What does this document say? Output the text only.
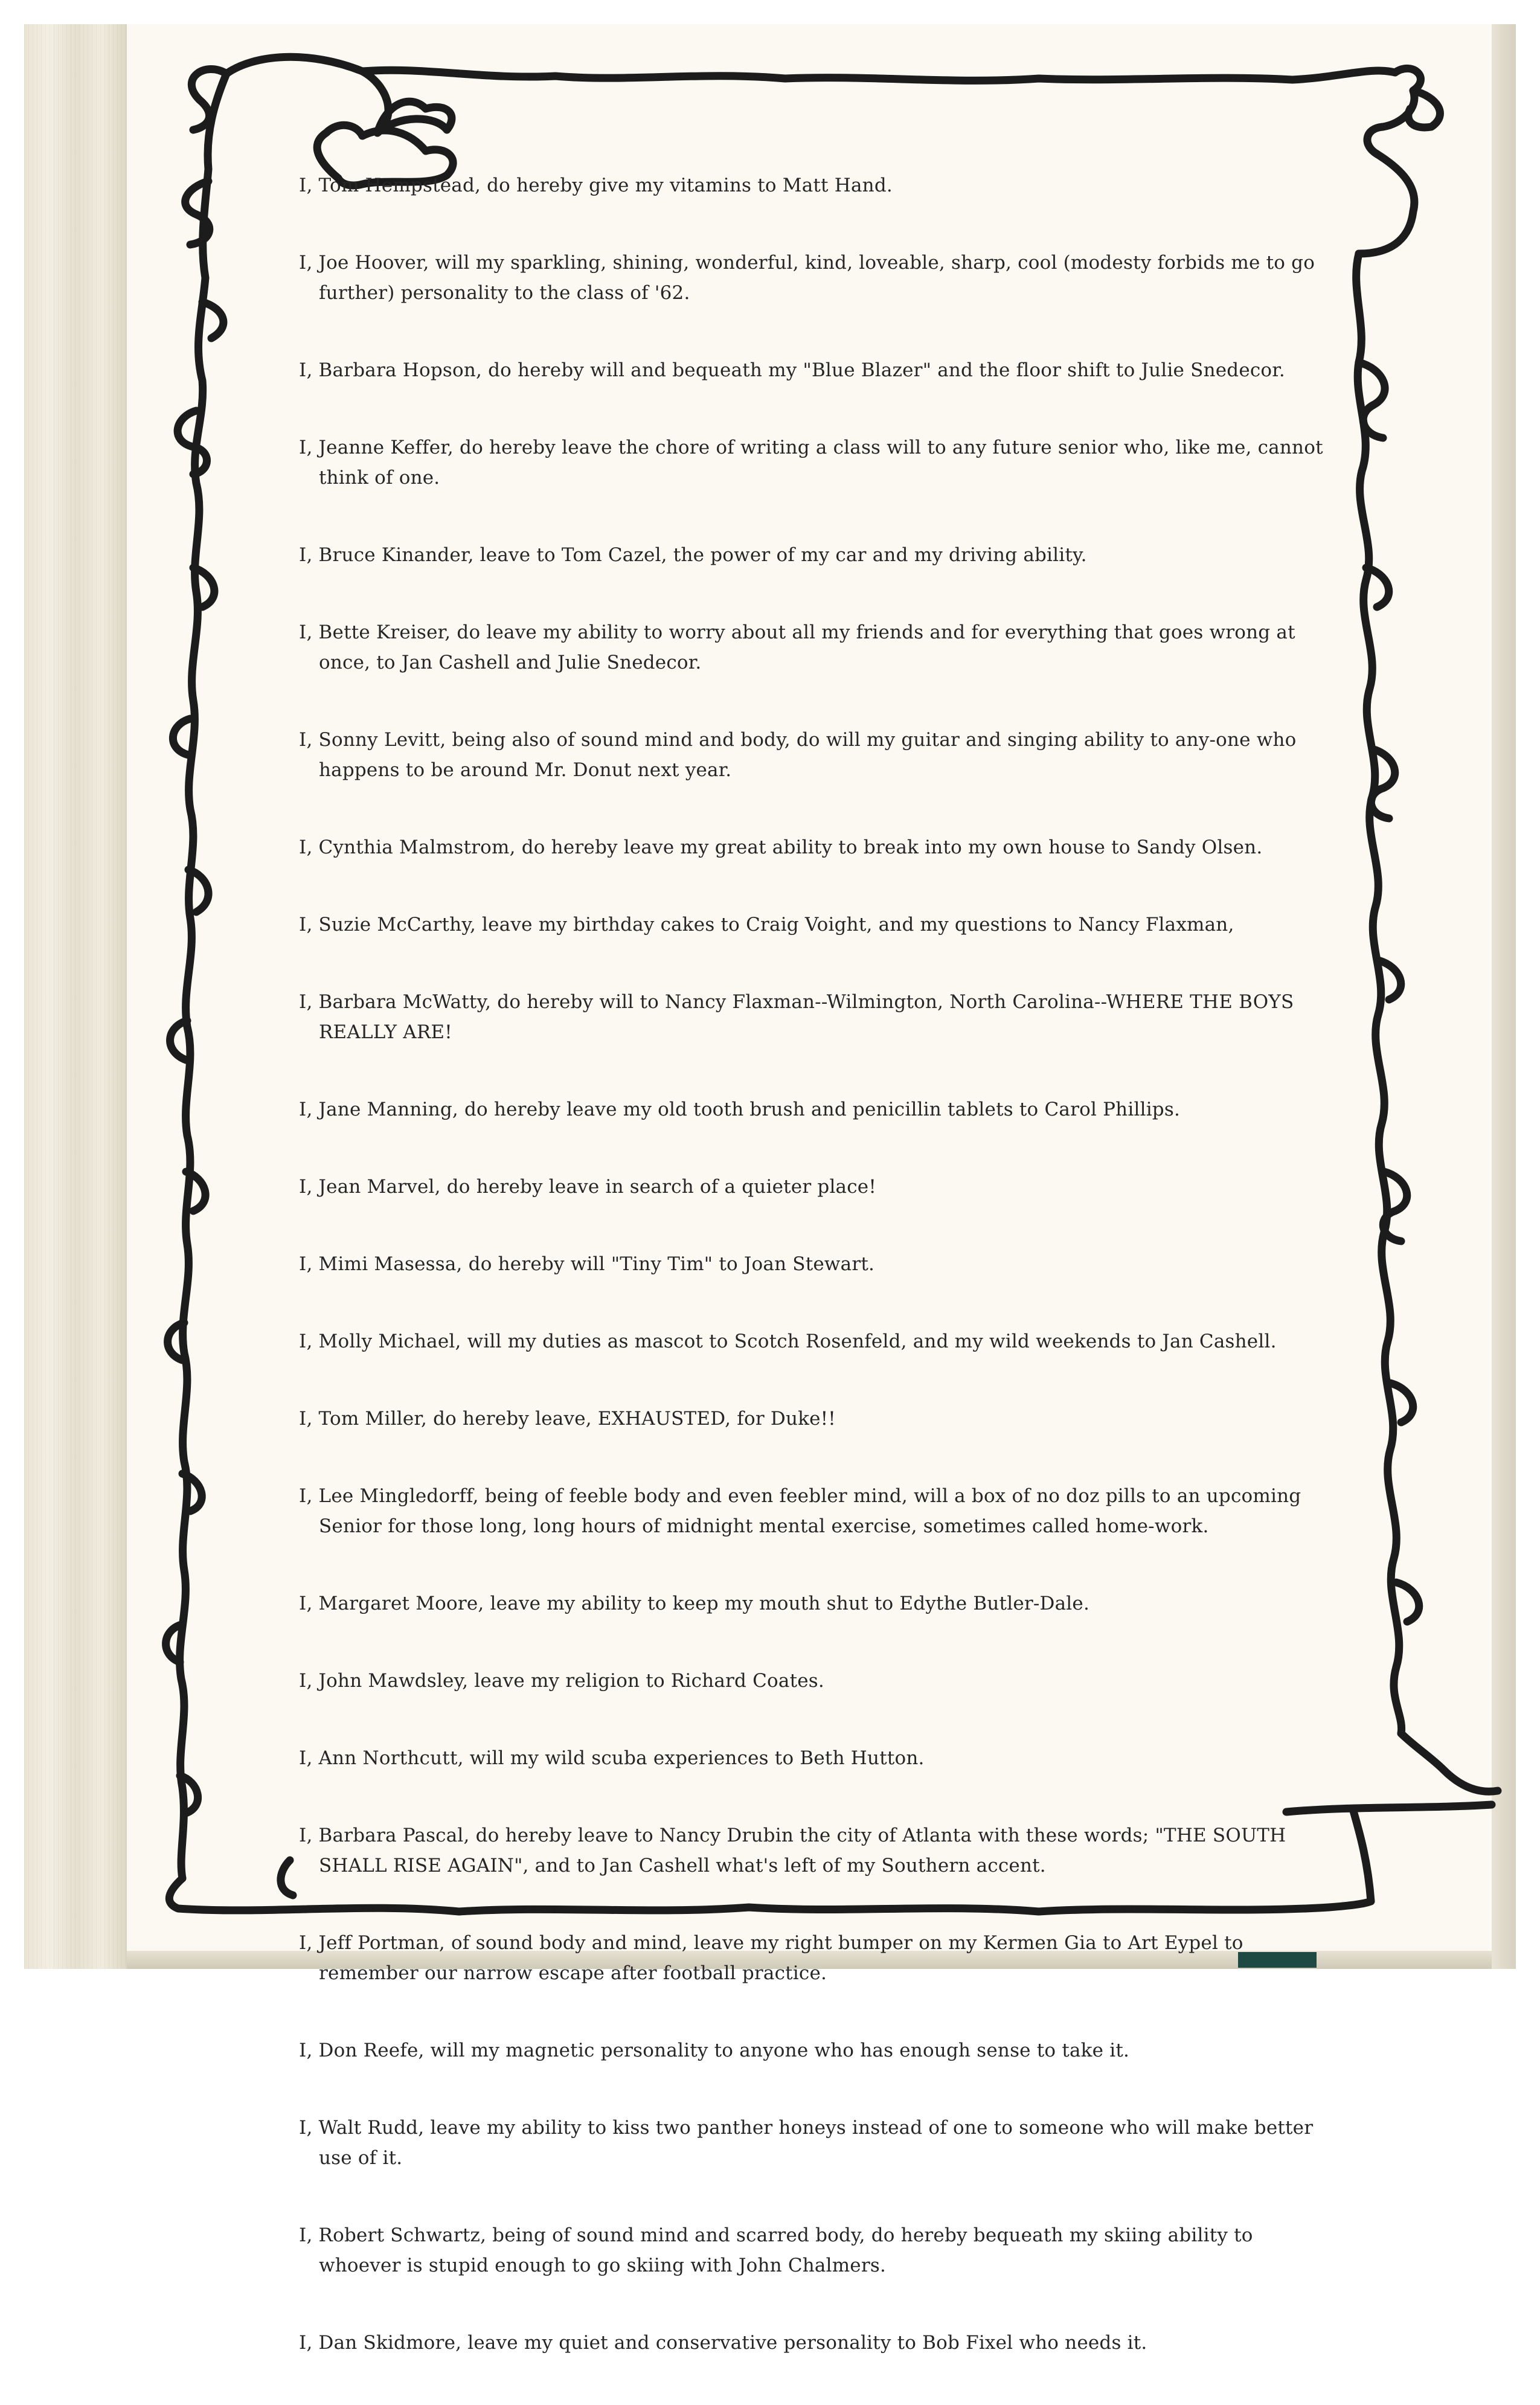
I, Tom Hempstead, do hereby give my vitamins to Matt Hand.
I, Joe Hoover, will my sparkling, shining, wonderful, kind, loveable, sharp, cool (modesty forbids me to go further) personality to the class of '62.
I, Barbara Hopson, do hereby will and bequeath my "Blue Blazer" and the floor shift to Julie Snedecor.
I, Jeanne Keffer, do hereby leave the chore of writing a class will to any future senior who, like me, cannot think of one.
I, Bruce Kinander, leave to Tom Cazel, the power of my car and my driving ability.
I, Bette Kreiser, do leave my ability to worry about all my friends and for everything that goes wrong at once, to Jan Cashell and Julie Snedecor.
I, Sonny Levitt, being also of sound mind and body, do will my guitar and singing ability to any-one who happens to be around Mr. Donut next year.
I, Cynthia Malmstrom, do hereby leave my great ability to break into my own house to Sandy Olsen.
I, Suzie McCarthy, leave my birthday cakes to Craig Voight, and my questions to Nancy Flaxman,
I, Barbara McWatty, do hereby will to Nancy Flaxman--Wilmington, North Carolina--WHERE THE BOYS REALLY ARE!
I, Jane Manning, do hereby leave my old tooth brush and penicillin tablets to Carol Phillips.
I, Jean Marvel, do hereby leave in search of a quieter place!
I, Mimi Masessa, do hereby will "Tiny Tim" to Joan Stewart.
I, Molly Michael, will my duties as mascot to Scotch Rosenfeld, and my wild weekends to Jan Cashell.
I, Tom Miller, do hereby leave, EXHAUSTED, for Duke!!
I, Lee Mingledorff, being of feeble body and even feebler mind, will a box of no doz pills to an upcoming Senior for those long, long hours of midnight mental exercise, sometimes called home-work.
I, Margaret Moore, leave my ability to keep my mouth shut to Edythe Butler-Dale.
I, John Mawdsley, leave my religion to Richard Coates.
I, Ann Northcutt, will my wild scuba experiences to Beth Hutton.
I, Barbara Pascal, do hereby leave to Nancy Drubin the city of Atlanta with these words; "THE SOUTH SHALL RISE AGAIN", and to Jan Cashell what's left of my Southern accent.
I, Jeff Portman, of sound body and mind, leave my right bumper on my Kermen Gia to Art Eypel to remember our narrow escape after football practice.
I, Don Reefe, will my magnetic personality to anyone who has enough sense to take it.
I, Walt Rudd, leave my ability to kiss two panther honeys instead of one to someone who will make better use of it.
I, Robert Schwartz, being of sound mind and scarred body, do hereby bequeath my skiing ability to whoever is stupid enough to go skiing with John Chalmers.
I, Dan Skidmore, leave my quiet and conservative personality to Bob Fixel who needs it.
